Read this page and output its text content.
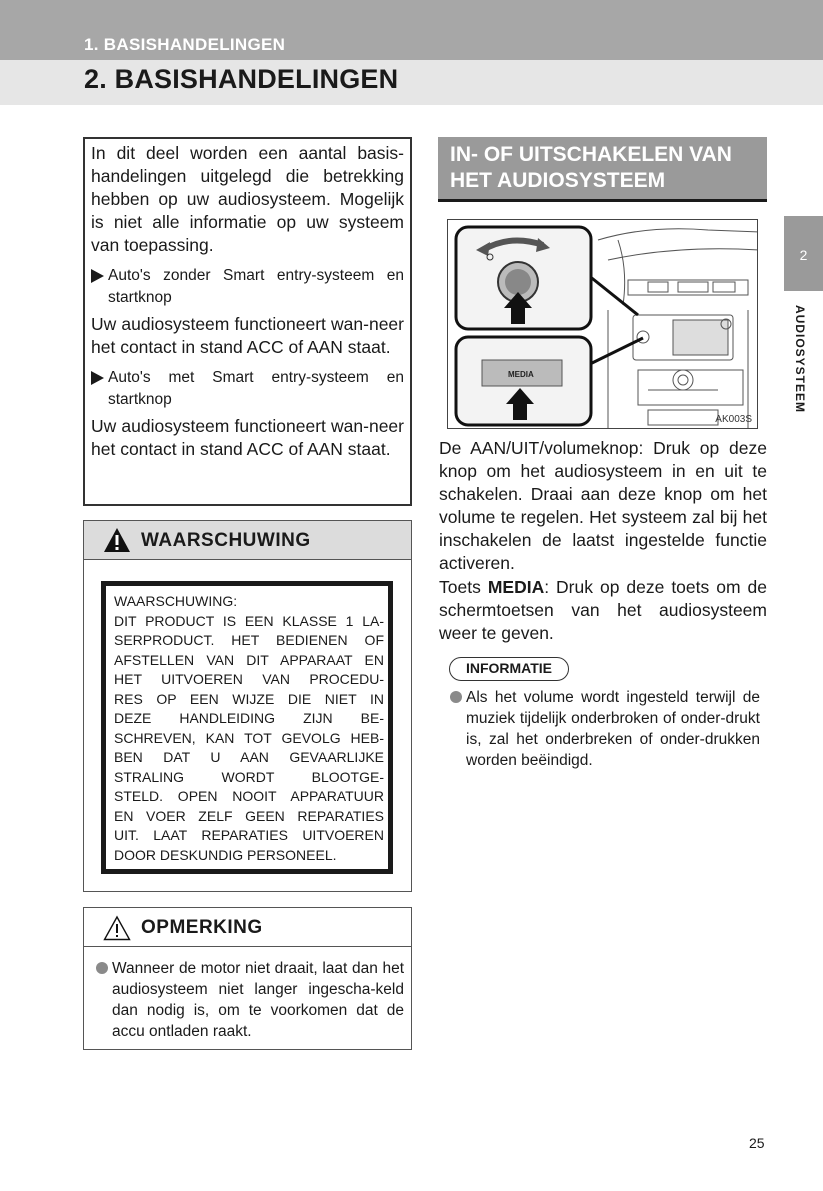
1. BASISHANDELINGEN
2. BASISHANDELINGEN
2
AUDIOSYSTEEM

In dit deel worden een aantal basis-handelingen uitgelegd die betrekking hebben op uw audiosysteem. Mogelijk is niet alle informatie op uw systeem van toepassing.

Auto's zonder Smart entry-systeem en startknop

Uw audiosysteem functioneert wan-neer het contact in stand ACC of AAN staat.

Auto's met Smart entry-systeem en startknop

Uw audiosysteem functioneert wan-neer het contact in stand ACC of AAN staat.

WAARSCHUWING
WAARSCHUWING:
DIT PRODUCT IS EEN KLASSE 1 LA-
SERPRODUCT. HET BEDIENEN OF
AFSTELLEN VAN DIT APPARAAT EN
HET UITVOEREN VAN PROCEDU-
RES OP EEN WIJZE DIE NIET IN
DEZE HANDLEIDING ZIJN BE-
SCHREVEN, KAN TOT GEVOLG HEB-
BEN DAT U AAN GEVAARLIJKE
STRALING WORDT BLOOTGE-
STELD. OPEN NOOIT APPARATUUR
EN VOER ZELF GEEN REPARATIES
UIT. LAAT REPARATIES UITVOEREN
DOOR DESKUNDIG PERSONEEL.
OPMERKING
Wanneer de motor niet draait, laat dan het audiosysteem niet langer ingescha-keld dan nodig is, om te voorkomen dat de accu ontladen raakt.
IN- OF UITSCHAKELEN VAN HET AUDIOSYSTEEM
MEDIA
AK003S

De AAN/UIT/volumeknop: Druk op deze knop om het audiosysteem in en uit te schakelen. Draai aan deze knop om het volume te regelen. Het systeem zal bij het inschakelen de laatst ingestelde functie activeren.

Toets MEDIA: Druk op deze toets om de schermtoetsen van het audiosysteem weer te geven.

INFORMATIE
Als het volume wordt ingesteld terwijl de muziek tijdelijk onderbroken of onder-drukt is, zal het onderbreken of onder-drukken worden beëindigd.
25
